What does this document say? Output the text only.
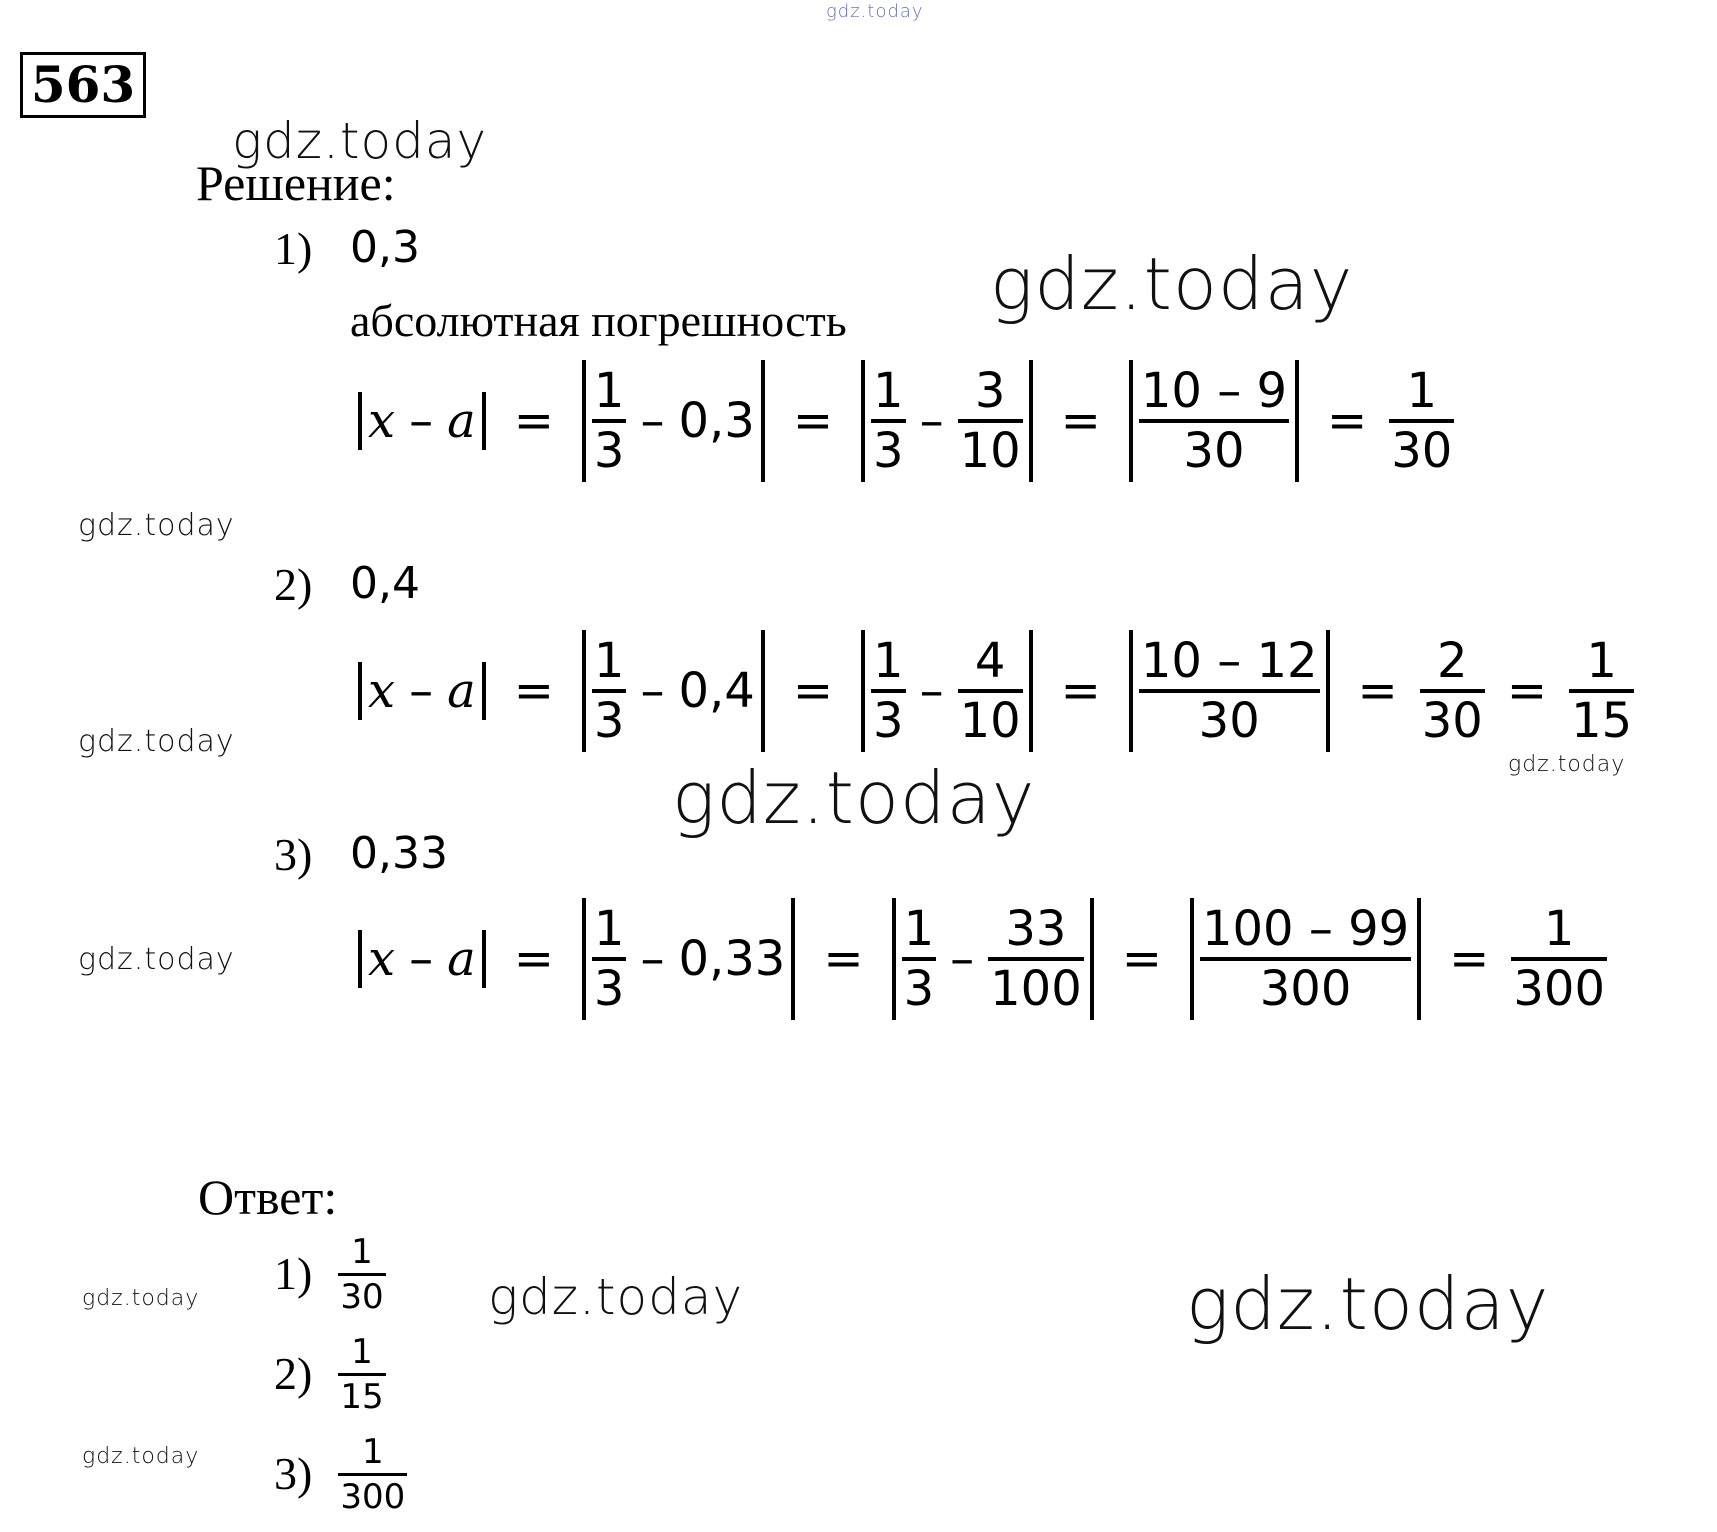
gdz.today
gdz.today
gdz.today
gdz.today
gdz.today
gdz.today
gdz.today
gdz.today
gdz.today	gdz.today	gdz.today
gdz.today
563
Решение:
1) 0,3
абсолютная погрешность
$x - a = \frac{1}{3} - 0,3 = \frac{1}{3} - \frac{3}{10} = \frac{10 - 9}{30} = \frac{1}{30}$
2) 0,4
$x - a = \frac{1}{3} - 0,4 = \frac{1}{3} - \frac{4}{10} = \frac{10 - 12}{30} = \frac{2}{30} = \frac{1}{15}$
3) 0,33
$x - a = \frac{1}{3} - 0,33 = \frac{1}{3} - \frac{33}{100} = \frac{100 - 99}{300} = \frac{1}{300}$
Ответ:
$1) \frac{1}{30}$
$2) \frac{1}{15}$
$3) \frac{1}{300}$
